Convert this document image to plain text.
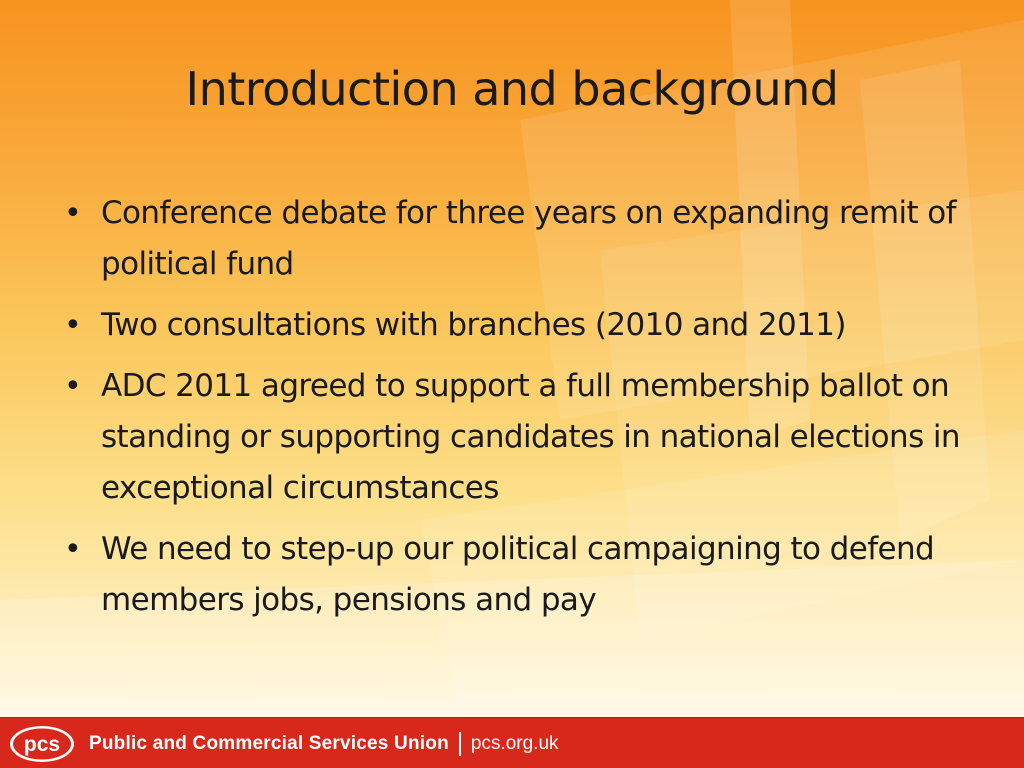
Introduction and background
• Conference debate for three years on expanding remit of political fund
• Two consultations with branches (2010 and 2011)
• ADC 2011 agreed to support a full membership ballot on standing or supporting candidates in national elections in exceptional circumstances
• We need to step-up our political campaigning to defend members jobs, pensions and pay
pcs Public and Commercial Services Union pcs.org.uk
